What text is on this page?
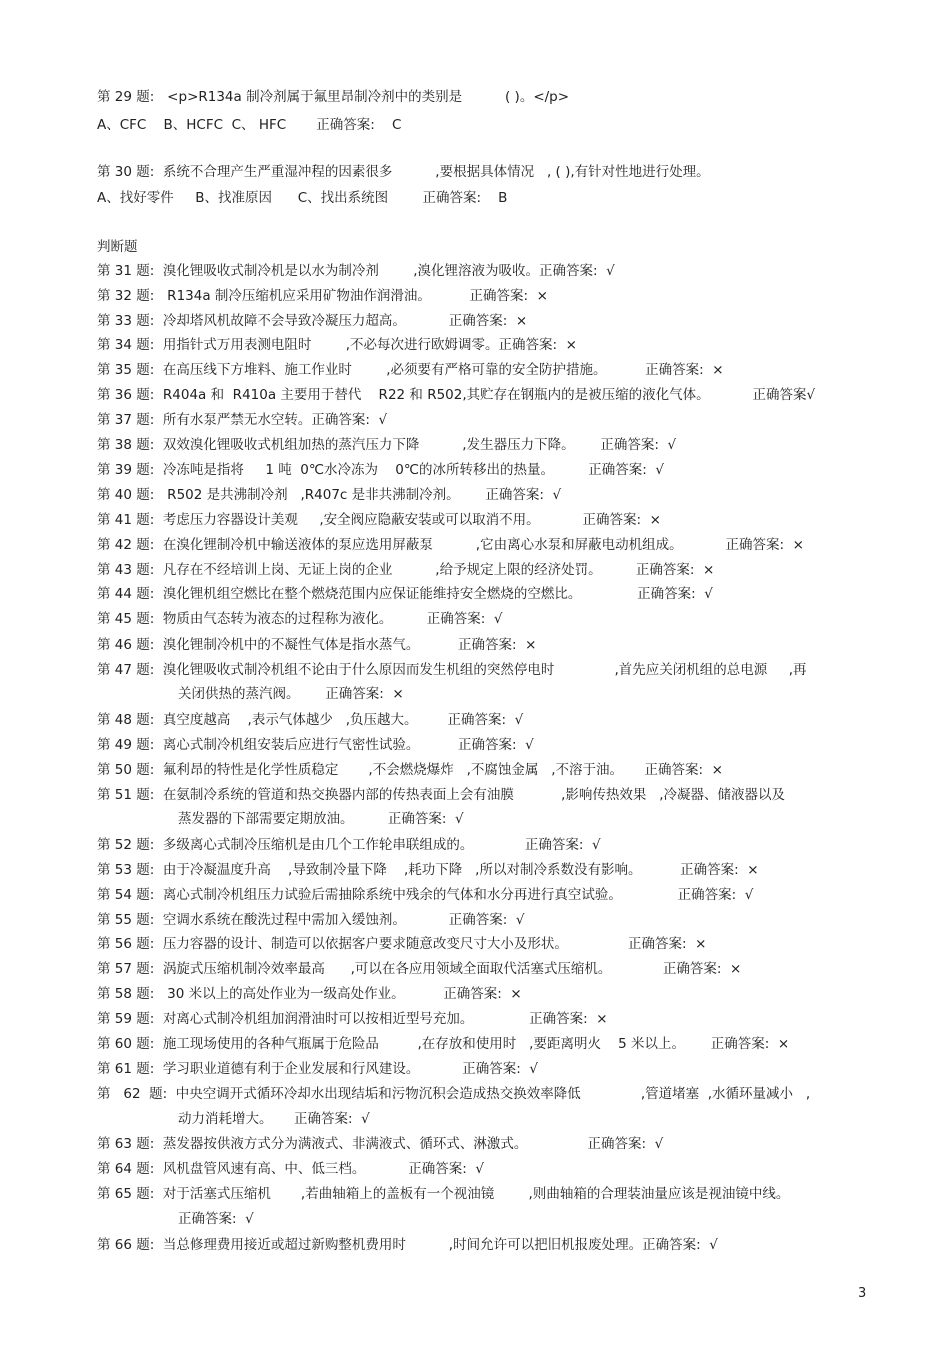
第 29 题:   <p>R134a 制冷剂属于氟里昂制冷剂中的类别是          ( )。</p>
A、CFC    B、HCFC  C、 HFC       正确答案:    C
第 30 题:  系统不合理产生严重湿冲程的因素很多          ,要根据具体情况   , ( ),有针对性地进行处理。
A、找好零件     B、找准原因      C、找出系统图        正确答案:    B
判断题
第 31 题:  溴化锂吸收式制冷机是以水为制冷剂        ,溴化锂溶液为吸收。正确答案:  √
第 32 题:   R134a 制冷压缩机应采用矿物油作润滑油。         正确答案:  ×
第 33 题:  冷却塔风机故障不会导致冷凝压力超高。          正确答案:  ×
第 34 题:  用指针式万用表测电阻时        ,不必每次进行欧姆调零。正确答案:  ×
第 35 题:  在高压线下方堆料、施工作业时        ,必须要有严格可靠的安全防护措施。         正确答案:  ×
第 36 题:  R404a 和  R410a 主要用于替代    R22 和 R502,其贮存在钢瓶内的是被压缩的液化气体。          正确答案√
第 37 题:  所有水泵严禁无水空转。正确答案:  √
第 38 题:  双效溴化锂吸收式机组加热的蒸汽压力下降          ,发生器压力下降。      正确答案:  √
第 39 题:  冷冻吨是指将     1 吨  0℃水冷冻为    0℃的冰所转移出的热量。        正确答案:  √
第 40 题:   R502 是共沸制冷剂   ,R407c 是非共沸制冷剂。      正确答案:  √
第 41 题:  考虑压力容器设计美观     ,安全阀应隐蔽安装或可以取消不用。          正确答案:  ×
第 42 题:  在溴化锂制冷机中输送液体的泵应选用屏蔽泵          ,它由离心水泵和屏蔽电动机组成。          正确答案:  ×
第 43 题:  凡存在不经培训上岗、无证上岗的企业          ,给予规定上限的经济处罚。        正确答案:  ×
第 44 题:  溴化锂机组空燃比在整个燃烧范围内应保证能维持安全燃烧的空燃比。             正确答案:  √
第 45 题:  物质由气态转为液态的过程称为液化。        正确答案:  √
第 46 题:  溴化锂制冷机中的不凝性气体是指水蒸气。         正确答案:  ×
第 47 题:  溴化锂吸收式制冷机组不论由于什么原因而发生机组的突然停电时              ,首先应关闭机组的总电源     ,再
关闭供热的蒸汽阀。      正确答案:  ×
第 48 题:  真空度越高    ,表示气体越少   ,负压越大。       正确答案:  √
第 49 题:  离心式制冷机组安装后应进行气密性试验。         正确答案:  √
第 50 题:  氟利昂的特性是化学性质稳定       ,不会燃烧爆炸   ,不腐蚀金属   ,不溶于油。     正确答案:  ×
第 51 题:  在氨制冷系统的管道和热交换器内部的传热表面上会有油膜           ,影响传热效果   ,冷凝器、储液器以及
蒸发器的下部需要定期放油。        正确答案:  √
第 52 题:  多级离心式制冷压缩机是由几个工作轮串联组成的。            正确答案:  √
第 53 题:  由于冷凝温度升高    ,导致制冷量下降    ,耗功下降   ,所以对制冷系数没有影响。         正确答案:  ×
第 54 题:  离心式制冷机组压力试验后需抽除系统中残余的气体和水分再进行真空试验。             正确答案:  √
第 55 题:  空调水系统在酸洗过程中需加入缓蚀剂。          正确答案:  √
第 56 题:  压力容器的设计、制造可以依据客户要求随意改变尺寸大小及形状。              正确答案:  ×
第 57 题:  涡旋式压缩机制冷效率最高      ,可以在各应用领域全面取代活塞式压缩机。            正确答案:  ×
第 58 题:   30 米以上的高处作业为一级高处作业。         正确答案:  ×
第 59 题:  对离心式制冷机组加润滑油时可以按相近型号充加。             正确答案:  ×
第 60 题:  施工现场使用的各种气瓶属于危险品         ,在存放和使用时   ,要距离明火    5 米以上。      正确答案:  ×
第 61 题:  学习职业道德有利于企业发展和行风建设。          正确答案:  √
第   62  题:  中央空调开式循环冷却水出现结垢和污物沉积会造成热交换效率降低              ,管道堵塞  ,水循环量减小   ,
动力消耗增大。     正确答案:  √
第 63 题:  蒸发器按供液方式分为满液式、非满液式、循环式、淋激式。              正确答案:  √
第 64 题:  风机盘管风速有高、中、低三档。          正确答案:  √
第 65 题:  对于活塞式压缩机       ,若曲轴箱上的盖板有一个视油镜        ,则曲轴箱的合理装油量应该是视油镜中线。
正确答案:  √
第 66 题:  当总修理费用接近或超过新购整机费用时          ,时间允许可以把旧机报废处理。正确答案:  √
3
